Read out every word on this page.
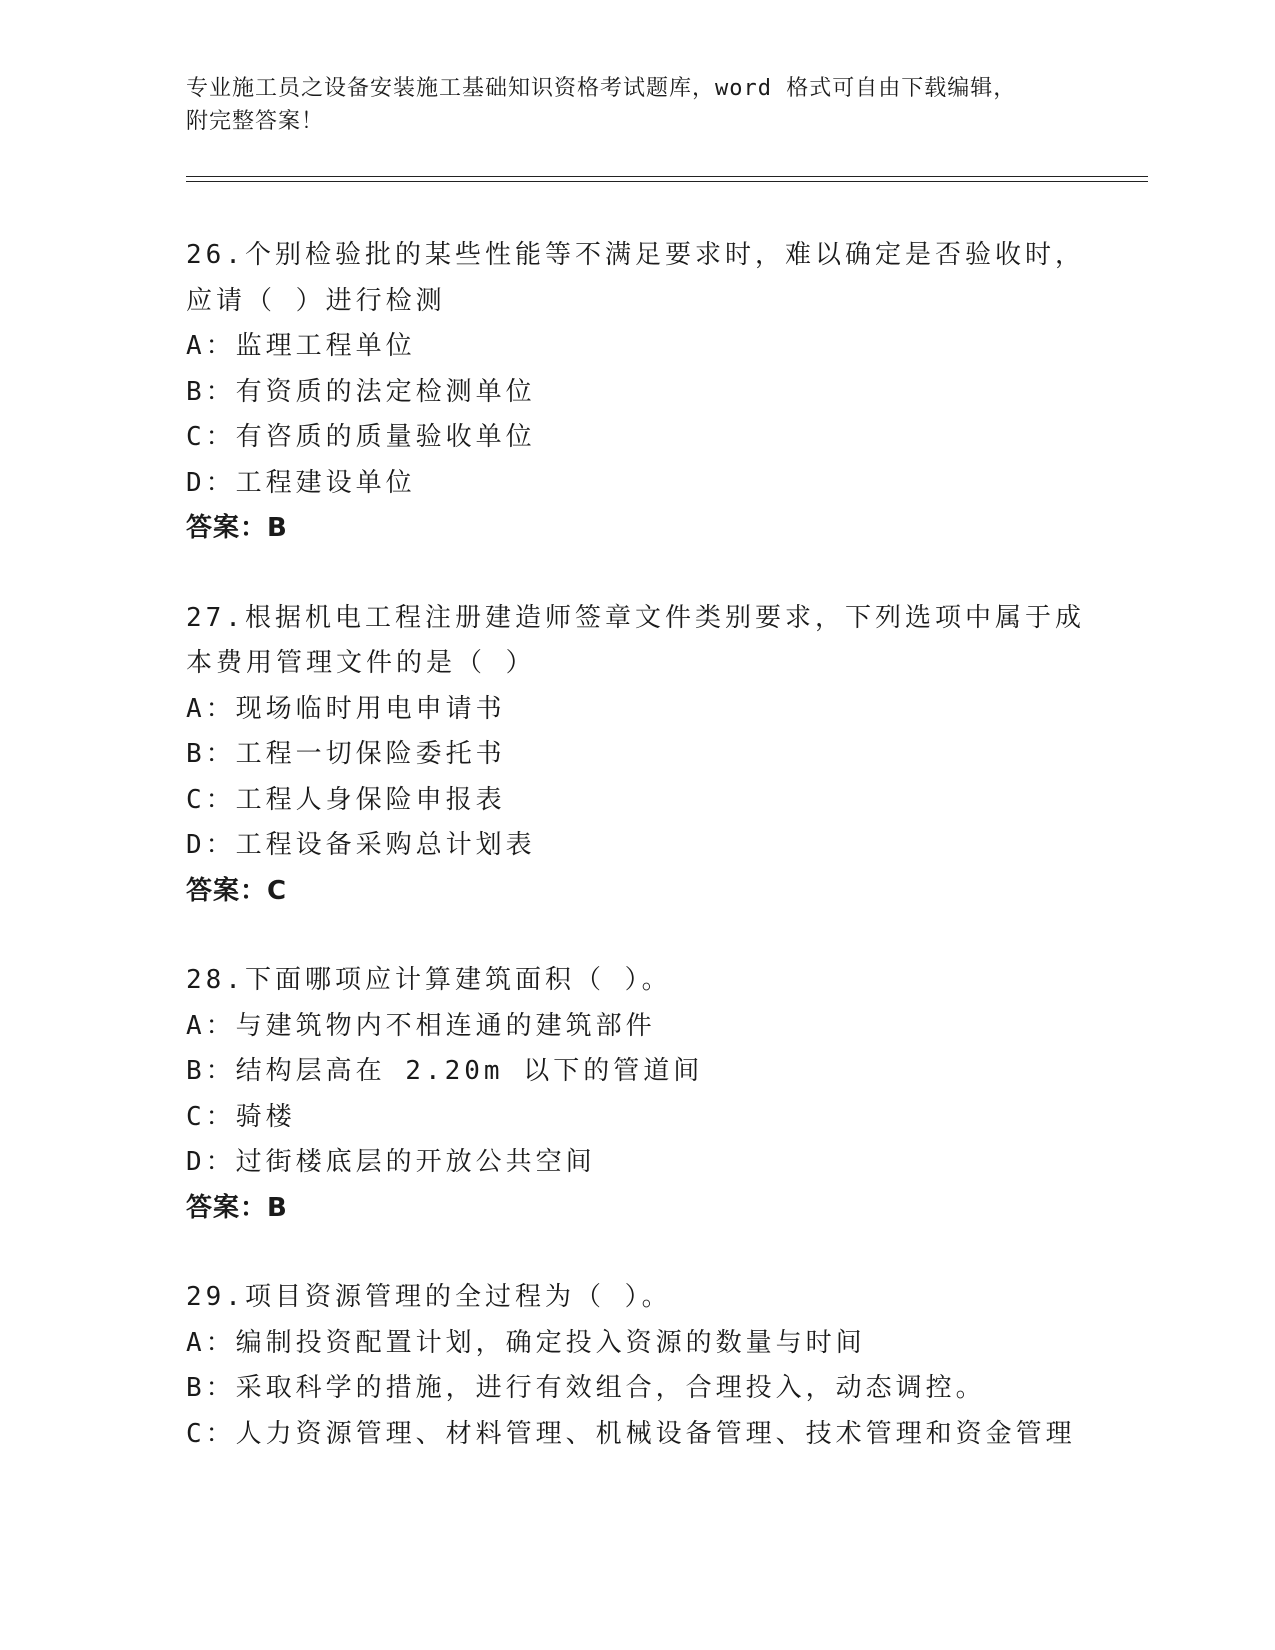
专业施工员之设备安装施工基础知识资格考试题库，word 格式可自由下载编辑，
附完整答案！

26.个别检验批的某些性能等不满足要求时，难以确定是否验收时，应请（ ）进行检测

A：监理工程单位

B：有资质的法定检测单位

C：有咨质的质量验收单位

D：工程建设单位

答案：B

27.根据机电工程注册建造师签章文件类别要求，下列选项中属于成本费用管理文件的是（ ）

A：现场临时用电申请书

B：工程一切保险委托书

C：工程人身保险申报表

D：工程设备采购总计划表

答案：C

28.下面哪项应计算建筑面积（ ）。

A：与建筑物内不相连通的建筑部件

B：结构层高在 2.20m 以下的管道间

C：骑楼

D：过街楼底层的开放公共空间

答案：B

29.项目资源管理的全过程为（ ）。

A：编制投资配置计划，确定投入资源的数量与时间

B：采取科学的措施，进行有效组合，合理投入，动态调控。

C：人力资源管理、材料管理、机械设备管理、技术管理和资金管理
